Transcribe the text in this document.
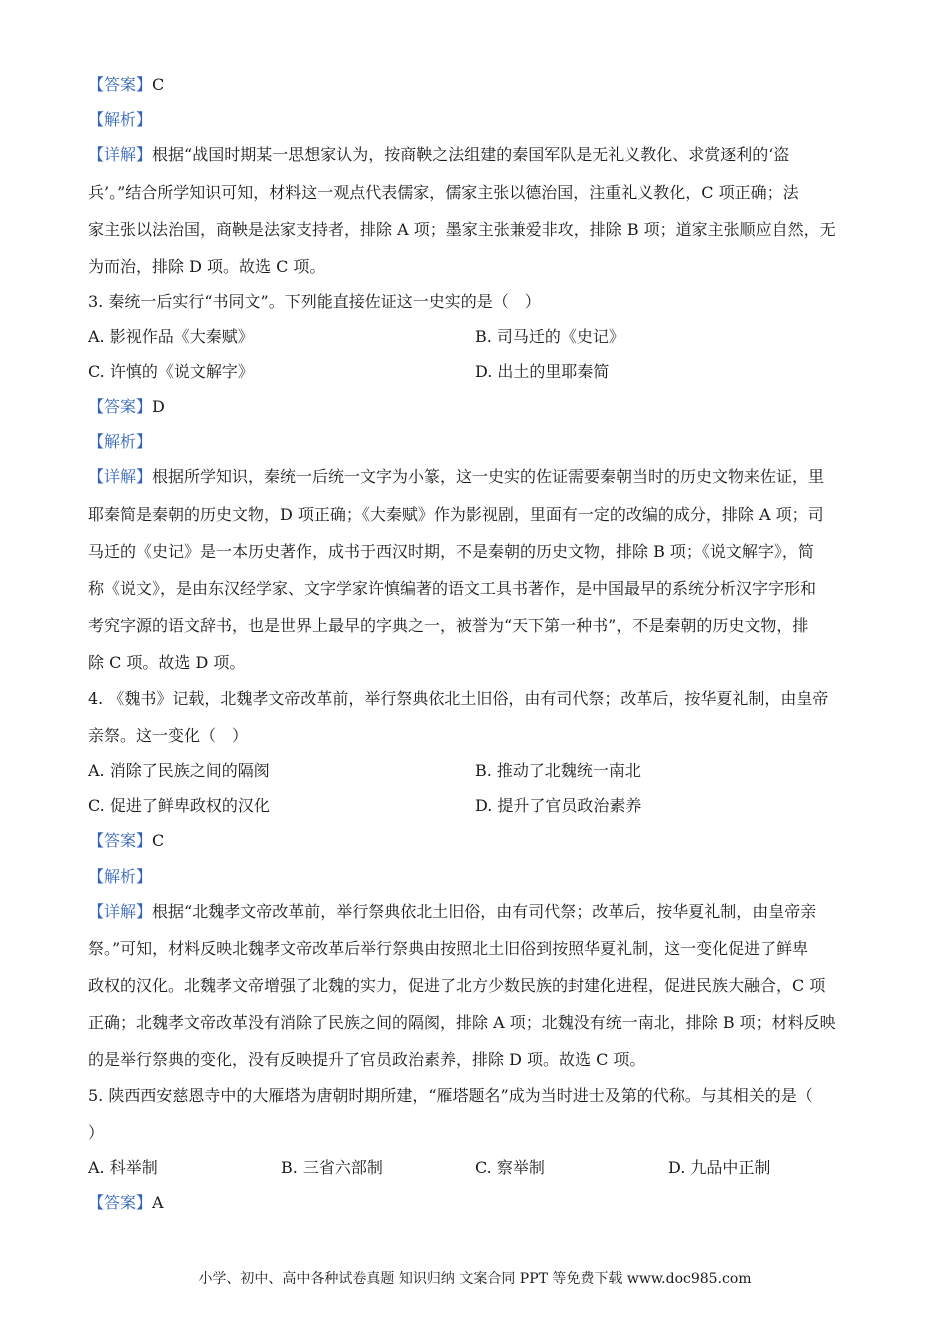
【答案】C
【解析】
【详解】根据“战国时期某一思想家认为，按商鞅之法组建的秦国军队是无礼义教化、求赏逐利的‘盗
兵’。”结合所学知识可知，材料这一观点代表儒家，儒家主张以德治国，注重礼义教化，C 项正确；法
家主张以法治国，商鞅是法家支持者，排除 A 项；墨家主张兼爱非攻，排除 B 项；道家主张顺应自然，无
为而治，排除 D 项。故选 C 项。
3. 秦统一后实行“书同文”。下列能直接佐证这一史实的是（　）
A. 影视作品《大秦赋》	B. 司马迁的《史记》
C. 许慎的《说文解字》	D. 出土的里耶秦简
【答案】D
【解析】
【详解】根据所学知识，秦统一后统一文字为小篆，这一史实的佐证需要秦朝当时的历史文物来佐证，里
耶秦简是秦朝的历史文物，D 项正确；《大秦赋》作为影视剧，里面有一定的改编的成分，排除 A 项；司
马迁的《史记》是一本历史著作，成书于西汉时期，不是秦朝的历史文物，排除 B 项；《说文解字》，简
称《说文》，是由东汉经学家、文字学家许慎编著的语文工具书著作，是中国最早的系统分析汉字字形和
考究字源的语文辞书，也是世界上最早的字典之一，被誉为“天下第一种书”，不是秦朝的历史文物，排
除 C 项。故选 D 项。
4. 《魏书》记载，北魏孝文帝改革前，举行祭典依北土旧俗，由有司代祭；改革后，按华夏礼制，由皇帝
亲祭。这一变化（　）
A. 消除了民族之间的隔阂	B. 推动了北魏统一南北
C. 促进了鲜卑政权的汉化	D. 提升了官员政治素养
【答案】C
【解析】
【详解】根据“北魏孝文帝改革前，举行祭典依北土旧俗，由有司代祭；改革后，按华夏礼制，由皇帝亲
祭。”可知，材料反映北魏孝文帝改革后举行祭典由按照北土旧俗到按照华夏礼制，这一变化促进了鲜卑
政权的汉化。北魏孝文帝增强了北魏的实力，促进了北方少数民族的封建化进程，促进民族大融合，C 项
正确；北魏孝文帝改革没有消除了民族之间的隔阂，排除 A 项；北魏没有统一南北，排除 B 项；材料反映
的是举行祭典的变化，没有反映提升了官员政治素养，排除 D 项。故选 C 项。
5. 陕西西安慈恩寺中的大雁塔为唐朝时期所建，“雁塔题名”成为当时进士及第的代称。与其相关的是（
）
A. 科举制	B. 三省六部制	C. 察举制	D. 九品中正制
【答案】A
小学、初中、高中各种试卷真题 知识归纳 文案合同 PPT 等免费下载 www.doc985.com
